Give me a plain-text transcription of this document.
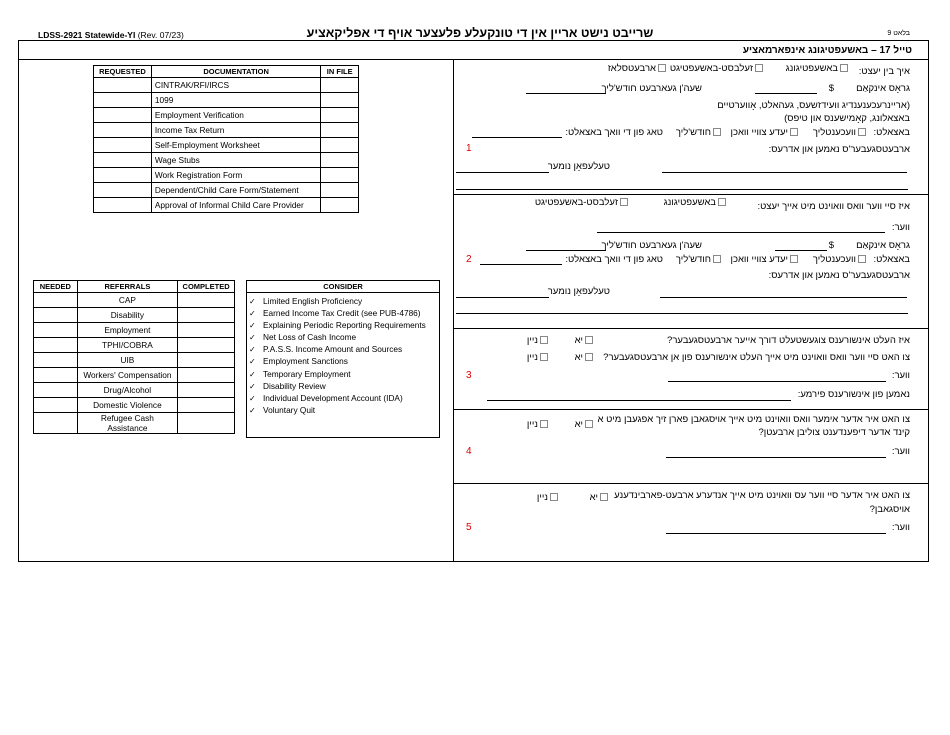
LDSS-2921 Statewide-YI (Rev. 07/23)	שרייבט נישט אריין אין די טונקעלע פלעצער אויף די אפליקאציע	בלאט 9
טייל 17 – באשעפטיגונג אינפארמאציע
REQUESTED	DOCUMENTATION	IN FILE
	CINTRAK/RFI/IRCS	
	1099	
	Employment Verification	
	Income Tax Return	
	Self-Employment Worksheet	
	Wage Stubs	
	Work Registration Form	
	Dependent/Child Care Form/Statement	
	Approval of Informal Child Care Provider	
NEEDED	REFERRALS	COMPLETED
	CAP	
	Disability	
	Employment	
	TPHI/COBRA	
	UIB	
	Workers' Compensation	
	Drug/Alcohol	
	Domestic Violence	
	Refugee Cash Assistance	
CONSIDER
✓ Limited English Proficiency
✓ Earned Income Tax Credit (see PUB-4786)
✓ Explaining Periodic Reporting Requirements
✓ Net Loss of Cash Income
✓ P.A.S.S. Income Amount and Sources
✓ Employment Sanctions
✓ Temporary Employment
✓ Disability Review
✓ Individual Development Account (IDA)
✓ Voluntary Quit
איך בין יעצט:
באשעפטיגונג
זעלבסט-באשעפטיגט
ארבעטסלאז
גראָס אינקאַם
$
שעה'ן געארבעט חודש'ליך
(אריינרעכענענדיג וועידזשעס, געהאלט, אָווערטיים
באצאלונג, קאָמישענס און טיפס)
באצאלט:
וועכענטליך
יעדע צוויי וואכן
חודש'ליך
טאג פון די וואך באצאלט:
ארבעטסגעבער'ס נאמען און אדרעס:
1
טעלעפאָן נומער
איז סיי ווער וואס וואוינט מיט אייך יעצט:
באשעפטיגונג
זעלבסט-באשעפטיגט
ווער:
גראָס אינקאַם
$
שעה'ן געארבעט חודש'ליך
באצאלט:
וועכענטליך
יעדע צוויי וואכן
חודש'ליך
טאג פון די וואך באצאלט:
2
ארבעטסגעבער'ס נאמען און אדרעס:
טעלעפאָן נומער
איז העלט אינשורענס צוגעשטעלט דורך אייער ארבעטסגעבער?
יא
ניין
צו האט סיי ווער וואס וואוינט מיט אייך העלט אינשורענס פון אן ארבעטסגעבער?
יא
ניין
ווער:
3
נאמען פון אינשורענס פירמע:
צו האט איר אדער אימער וואס וואוינט מיט אייך אויסגאבן פארן זיך אפגעבן מיט א
קינד אדער דיפענדענט צוליבן ארבעטן?
יא
ניין
ווער:
4
צו האט איר אדער סיי ווער עס וואוינט מיט אייך אנדערע ארבעט-פארבינדענע
אויסגאבן?
יא
ניין
ווער:
5
